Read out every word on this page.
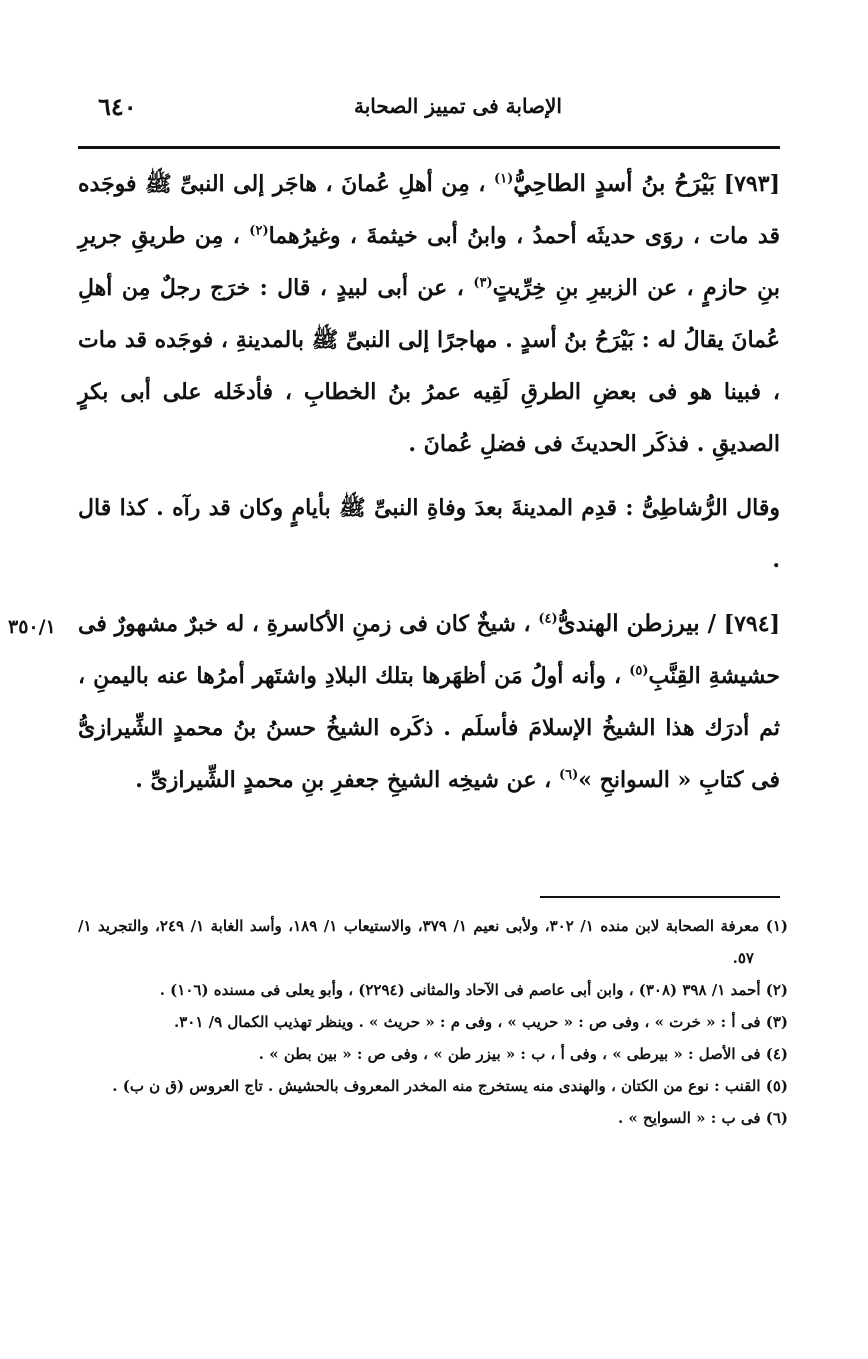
٦٤٠	الإصابة فى تمييز الصحابة
٣٥٠/١

[٧٩٣] بَيْرَحُ بنُ أسدٍ الطاحِيُّ$^{(١)}$ ، مِن أهلِ عُمانَ ، هاجَر إلى النبىِّ ﷺ فوجَده قد مات ، روَى حديثَه أحمدُ ، وابنُ أبى خيثمةَ ، وغيرُهما$^{(٢)}$ ، مِن طريقِ جريرِ بنِ حازمٍ ، عن الزبيرِ بنِ خِرِّيتٍ$^{(٣)}$ ، عن أبى لبيدٍ ، قال : خرَج رجلٌ مِن أهلِ عُمانَ يقالُ له : بَيْرَحُ بنُ أسدٍ . مهاجرًا إلى النبىِّ ﷺ بالمدينةِ ، فوجَده قد مات ، فبينا هو فى بعضِ الطرقِ لَقِيه عمرُ بنُ الخطابِ ، فأدخَله على أبى بكرٍ الصديقِ . فذكَر الحديثَ فى فضلِ عُمانَ .

وقال الرُّشاطِىُّ : قدِم المدينةَ بعدَ وفاةِ النبىِّ ﷺ بأيامٍ وكان قد رآه . كذا قال .

[٧٩٤] / بيرزطن الهندىُّ$^{(٤)}$ ، شيخٌ كان فى زمنِ الأكاسرةِ ، له خبرٌ مشهورٌ فى حشيشةِ القِنَّبِ$^{(٥)}$ ، وأنه أولُ مَن أظهَرها بتلك البلادِ واشتَهر أمرُها عنه باليمنِ ، ثم أدرَك هذا الشيخُ الإسلامَ فأسلَم . ذكَره الشيخُ حسنُ بنُ محمدٍ الشِّيرازىُّ فى كتابِ « السوانحِ »$^{(٦)}$ ، عن شيخِه الشيخِ جعفرِ بنِ محمدٍ الشِّيرازىِّ .

(١) معرفة الصحابة لابن منده ١/ ٣٠٢، ولأبى نعيم ١/ ٣٧٩، والاستيعاب ١/ ١٨٩، وأسد الغابة ١/ ٢٤٩، والتجريد ١/ ٥٧.

(٢) أحمد ١/ ٣٩٨ (٣٠٨) ، وابن أبى عاصم فى الآحاد والمثانى (٢٢٩٤) ، وأبو يعلى فى مسنده (١٠٦) .

(٣) فى أ : « خرت » ، وفى ص : « حريب » ، وفى م : « حريث » . وينظر تهذيب الكمال ٩/ ٣٠١.

(٤) فى الأصل : « بيرطى » ، وفى أ ، ب : « بيزر طن » ، وفى ص : « بين بطن » .

(٥) القنب : نوع من الكتان ، والهندى منه يستخرج منه المخدر المعروف بالحشيش . تاج العروس (ق ن ب) .

(٦) فى ب : « السوايح » .
